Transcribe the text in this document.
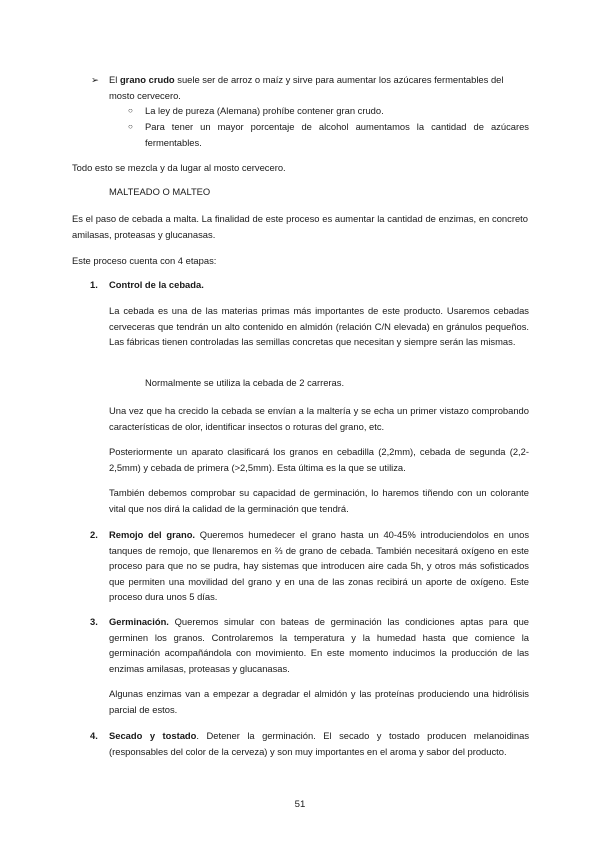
➢ El grano crudo suele ser de arroz o maíz y sirve para aumentar los azúcares fermentables del mosto cervecero.

○ La ley de pureza (Alemana) prohíbe contener gran crudo.

○ Para tener un mayor porcentaje de alcohol aumentamos la cantidad de azúcares fermentables.

Todo esto se mezcla y da lugar al mosto cervecero.

MALTEADO O MALTEO

Es el paso de cebada a malta. La finalidad de este proceso es aumentar la cantidad de enzimas, en concreto amilasas, proteasas y glucanasas.

Este proceso cuenta con 4 etapas:

1. Control de la cebada.

La cebada es una de las materias primas más importantes de este producto. Usaremos cebadas cerveceras que tendrán un alto contenido en almidón (relación C/N elevada) en gránulos pequeños. Las fábricas tienen controladas las semillas concretas que necesitan y siempre serán las mismas.

Normalmente se utiliza la cebada de 2 carreras.

Una vez que ha crecido la cebada se envían a la maltería y se echa un primer vistazo comprobando características de olor, identificar insectos o roturas del grano, etc.

Posteriormente un aparato clasificará los granos en cebadilla (2,2mm), cebada de segunda (2,2- 2,5mm) y cebada de primera (>2,5mm). Esta última es la que se utiliza.

También debemos comprobar su capacidad de germinación, lo haremos tiñendo con un colorante vital que nos dirá la calidad de la germinación que tendrá.

2. Remojo del grano. Queremos humedecer el grano hasta un 40-45% introduciendolos en unos tanques de remojo, que llenaremos en ⅔ de grano de cebada. También necesitará oxígeno en este proceso para que no se pudra, hay sistemas que introducen aire cada 5h, y otros más sofisticados que permiten una movilidad del grano y en una de las zonas recibirá un aporte de oxígeno. Este proceso dura unos 5 días.

3. Germinación. Queremos simular con bateas de germinación las condiciones aptas para que germinen los granos. Controlaremos la temperatura y la humedad hasta que comience la germinación acompañándola con movimiento. En este momento inducimos la producción de las enzimas amilasas, proteasas y glucanasas.

Algunas enzimas van a empezar a degradar el almidón y las proteínas produciendo una hidrólisis parcial de estos.

4. Secado y tostado. Detener la germinación. El secado y tostado producen melanoidinas (responsables del color de la cerveza) y son muy importantes en el aroma y sabor del producto.

51
